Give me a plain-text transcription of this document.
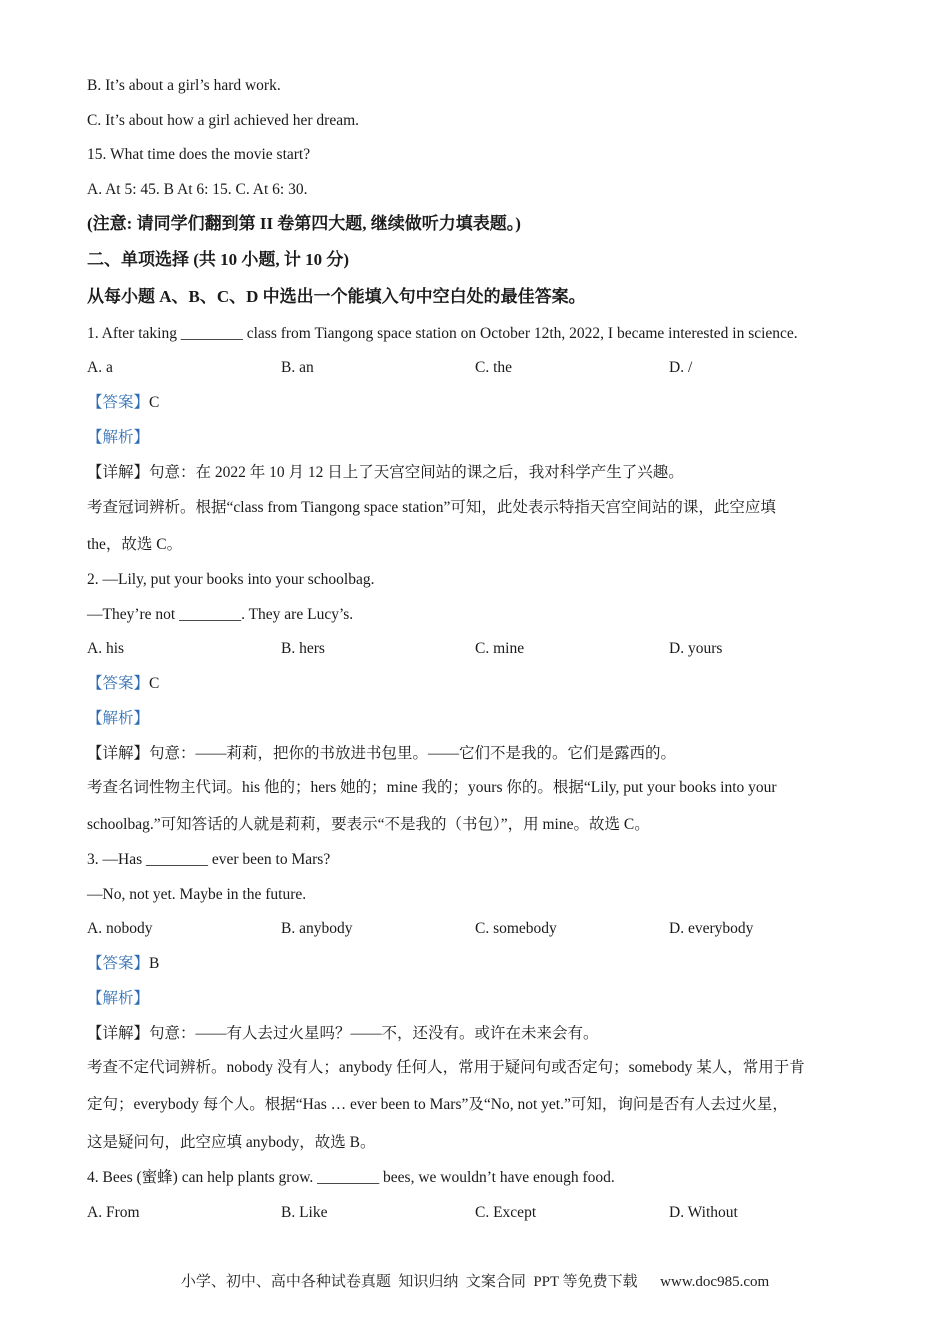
B. It’s about a girl’s hard work.
C. It’s about how a girl achieved her dream.
15. What time does the movie start?
A. At 5: 45. B At 6: 15. C. At 6: 30.
(注意: 请同学们翻到第 II 卷第四大题, 继续做听力填表题。)
二、单项选择 (共 10 小题, 计 10 分)
从每小题 A、B、C、D 中选出一个能填入句中空白处的最佳答案。
1. After taking ________ class from Tiangong space station on October 12th, 2022, I became interested in science.
A. a	B. an	C. the	D. /
【答案】C
【解析】
【详解】句意：在 2022 年 10 月 12 日上了天宫空间站的课之后，我对科学产生了兴趣。
考查冠词辨析。根据“class from Tiangong space station”可知，此处表示特指天宫空间站的课，此空应填
the，故选 C。
2. —Lily, put your books into your schoolbag.
—They’re not ________. They are Lucy’s.
A. his	B. hers	C. mine	D. yours
【答案】C
【解析】
【详解】句意：——莉莉，把你的书放进书包里。——它们不是我的。它们是露西的。
考查名词性物主代词。his 他的；hers 她的；mine 我的；yours 你的。根据“Lily, put your books into your
schoolbag.”可知答话的人就是莉莉，要表示“不是我的（书包）”，用 mine。故选 C。
3. —Has ________ ever been to Mars?
—No, not yet. Maybe in the future.
A. nobody	B. anybody	C. somebody	D. everybody
【答案】B
【解析】
【详解】句意：——有人去过火星吗？——不，还没有。或许在未来会有。
考查不定代词辨析。nobody 没有人；anybody 任何人，常用于疑问句或否定句；somebody 某人，常用于肯
定句；everybody 每个人。根据“Has … ever been to Mars”及“No, not yet.”可知，询问是否有人去过火星，
这是疑问句，此空应填 anybody，故选 B。
4. Bees (蜜蜂) can help plants grow. ________ bees, we wouldn’t have enough food.
A. From	B. Like	C. Except	D. Without
小学、初中、高中各种试卷真题  知识归纳  文案合同  PPT 等免费下载      www.doc985.com
